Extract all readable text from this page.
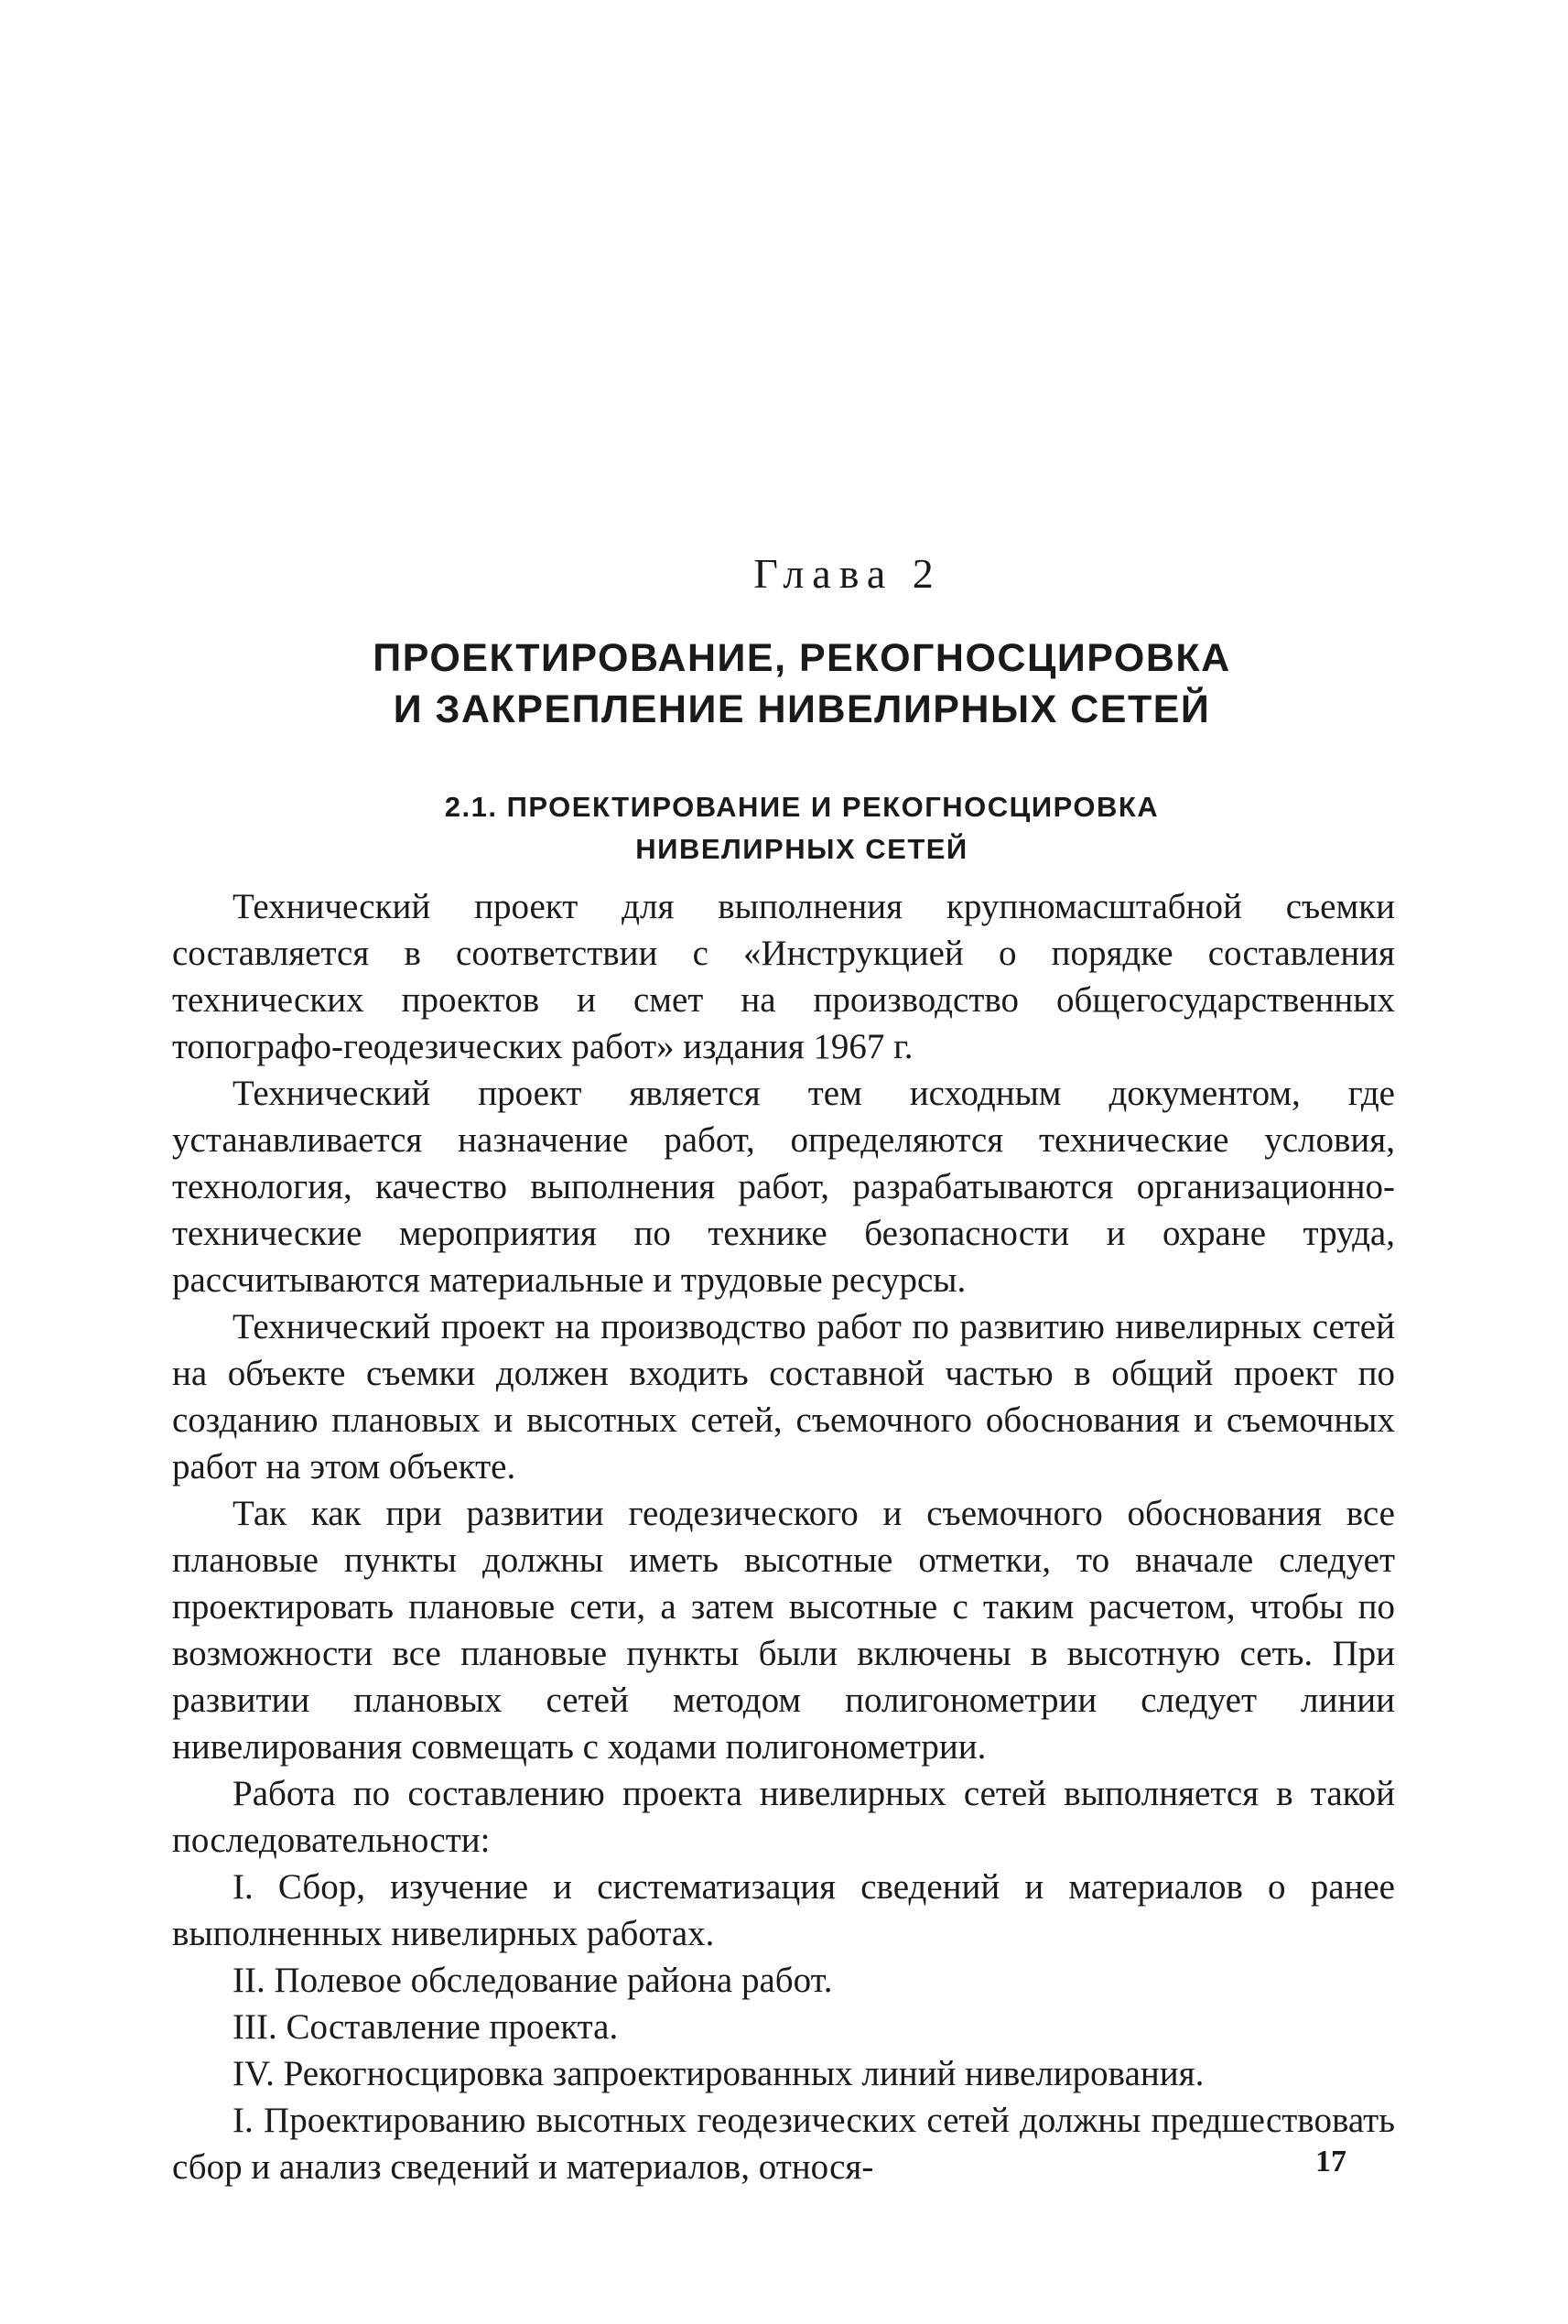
Глава 2
ПРОЕКТИРОВАНИЕ, РЕКОГНОСЦИРОВКА
И ЗАКРЕПЛЕНИЕ НИВЕЛИРНЫХ СЕТЕЙ
2.1. ПРОЕКТИРОВАНИЕ И РЕКОГНОСЦИРОВКА
НИВЕЛИРНЫХ СЕТЕЙ

Технический проект для выполнения крупномасштабной съемки составляется в соответствии с «Инструкцией о порядке составления технических проектов и смет на производство общегосударственных топографо-геодезических работ» издания 1967 г.

Технический проект является тем исходным документом, где устанавливается назначение работ, определяются технические условия, технология, качество выполнения работ, разрабатываются организационно-технические мероприятия по технике безопасности и охране труда, рассчитываются материальные и трудовые ресурсы.

Технический проект на производство работ по развитию нивелирных сетей на объекте съемки должен входить составной частью в общий проект по созданию плановых и высотных сетей, съемочного обоснования и съемочных работ на этом объекте.

Так как при развитии геодезического и съемочного обоснования все плановые пункты должны иметь высотные отметки, то вначале следует проектировать плановые сети, а затем высотные с таким расчетом, чтобы по возможности все плановые пункты были включены в высотную сеть. При развитии плановых сетей методом полигонометрии следует линии нивелирования совмещать с ходами полигонометрии.

Работа по составлению проекта нивелирных сетей выполняется в такой последовательности:

I. Сбор, изучение и систематизация сведений и материалов о ранее выполненных нивелирных работах.

II. Полевое обследование района работ.

III. Составление проекта.

IV. Рекогносцировка запроектированных линий нивелирования.

I. Проектированию высотных геодезических сетей должны предшествовать сбор и анализ сведений и материалов, относя-	17
